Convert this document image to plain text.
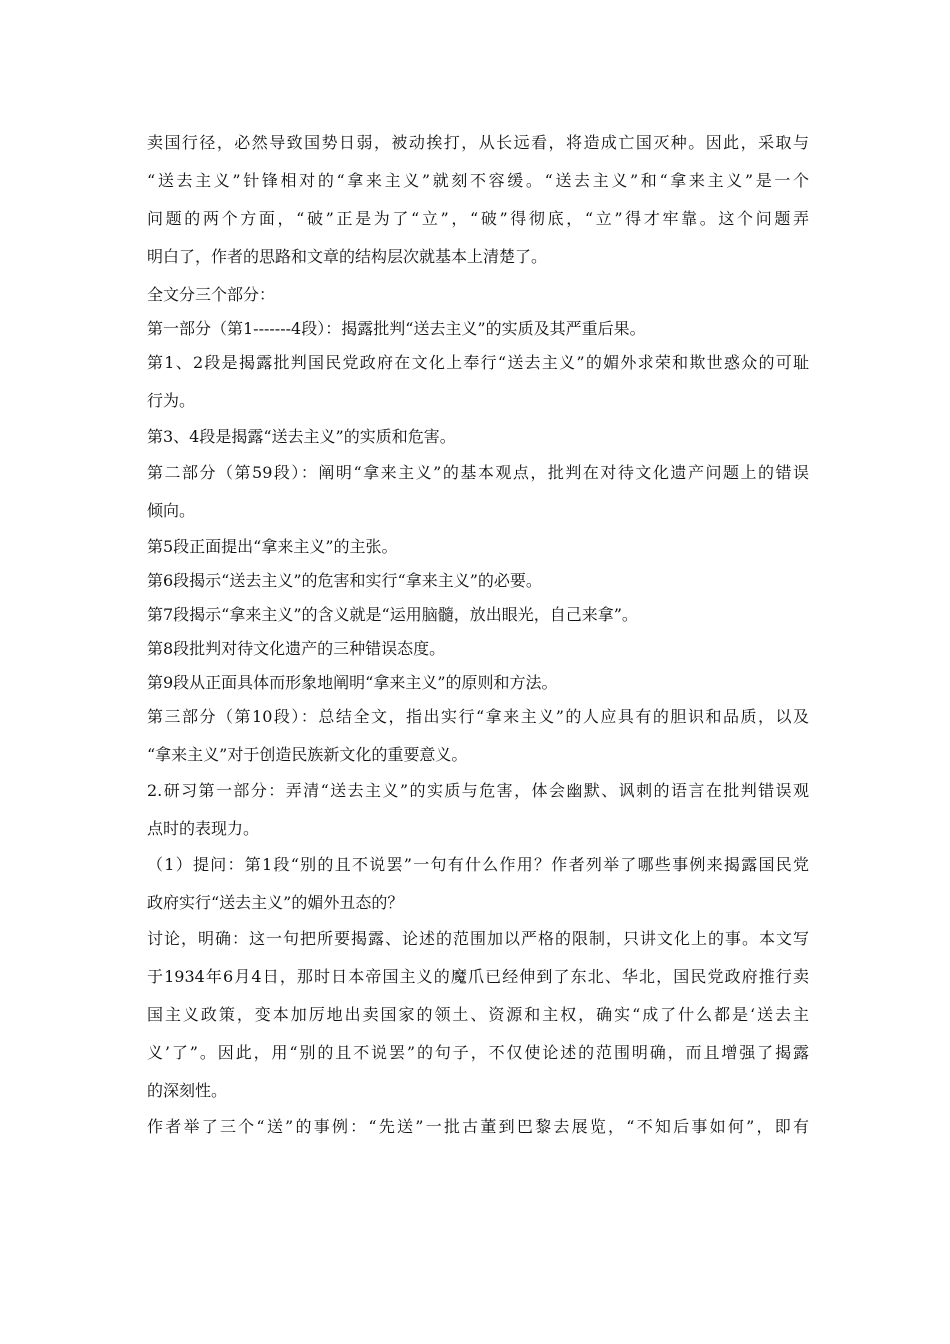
卖国行径，必然导致国势日弱，被动挨打，从长远看，将造成亡国灭种。因此，采取与
“送去主义”针锋相对的“拿来主义”就刻不容缓。“送去主义”和“拿来主义”是一个
问题的两个方面，“破”正是为了“立”，“破”得彻底，“立”得才牢靠。这个问题弄
明白了，作者的思路和文章的结构层次就基本上清楚了。
全文分三个部分：
第一部分（第1-------4段）：揭露批判“送去主义”的实质及其严重后果。
第1、2段是揭露批判国民党政府在文化上奉行“送去主义”的媚外求荣和欺世惑众的可耻
行为。
第3、4段是揭露“送去主义”的实质和危害。
第二部分（第59段）：阐明“拿来主义”的基本观点，批判在对待文化遗产问题上的错误
倾向。
第5段正面提出“拿来主义”的主张。
第6段揭示“送去主义”的危害和实行“拿来主义”的必要。
第7段揭示“拿来主义”的含义就是“运用脑髓，放出眼光，自己来拿”。
第8段批判对待文化遗产的三种错误态度。
第9段从正面具体而形象地阐明“拿来主义”的原则和方法。
第三部分（第10段）：总结全文，指出实行“拿来主义”的人应具有的胆识和品质，以及
“拿来主义”对于创造民族新文化的重要意义。
2.研习第一部分：弄清“送去主义”的实质与危害，体会幽默、讽刺的语言在批判错误观
点时的表现力。
（1）提问：第1段“别的且不说罢”一句有什么作用？作者列举了哪些事例来揭露国民党
政府实行“送去主义”的媚外丑态的？
讨论，明确：这一句把所要揭露、论述的范围加以严格的限制，只讲文化上的事。本文写
于1934年6月4日，那时日本帝国主义的魔爪已经伸到了东北、华北，国民党政府推行卖
国主义政策，变本加厉地出卖国家的领土、资源和主权，确实“成了什么都是‘送去主
义’了”。因此，用“别的且不说罢”的句子，不仅使论述的范围明确，而且增强了揭露
的深刻性。
作者举了三个“送”的事例：“先送”一批古董到巴黎去展览，“不知后事如何”，即有
